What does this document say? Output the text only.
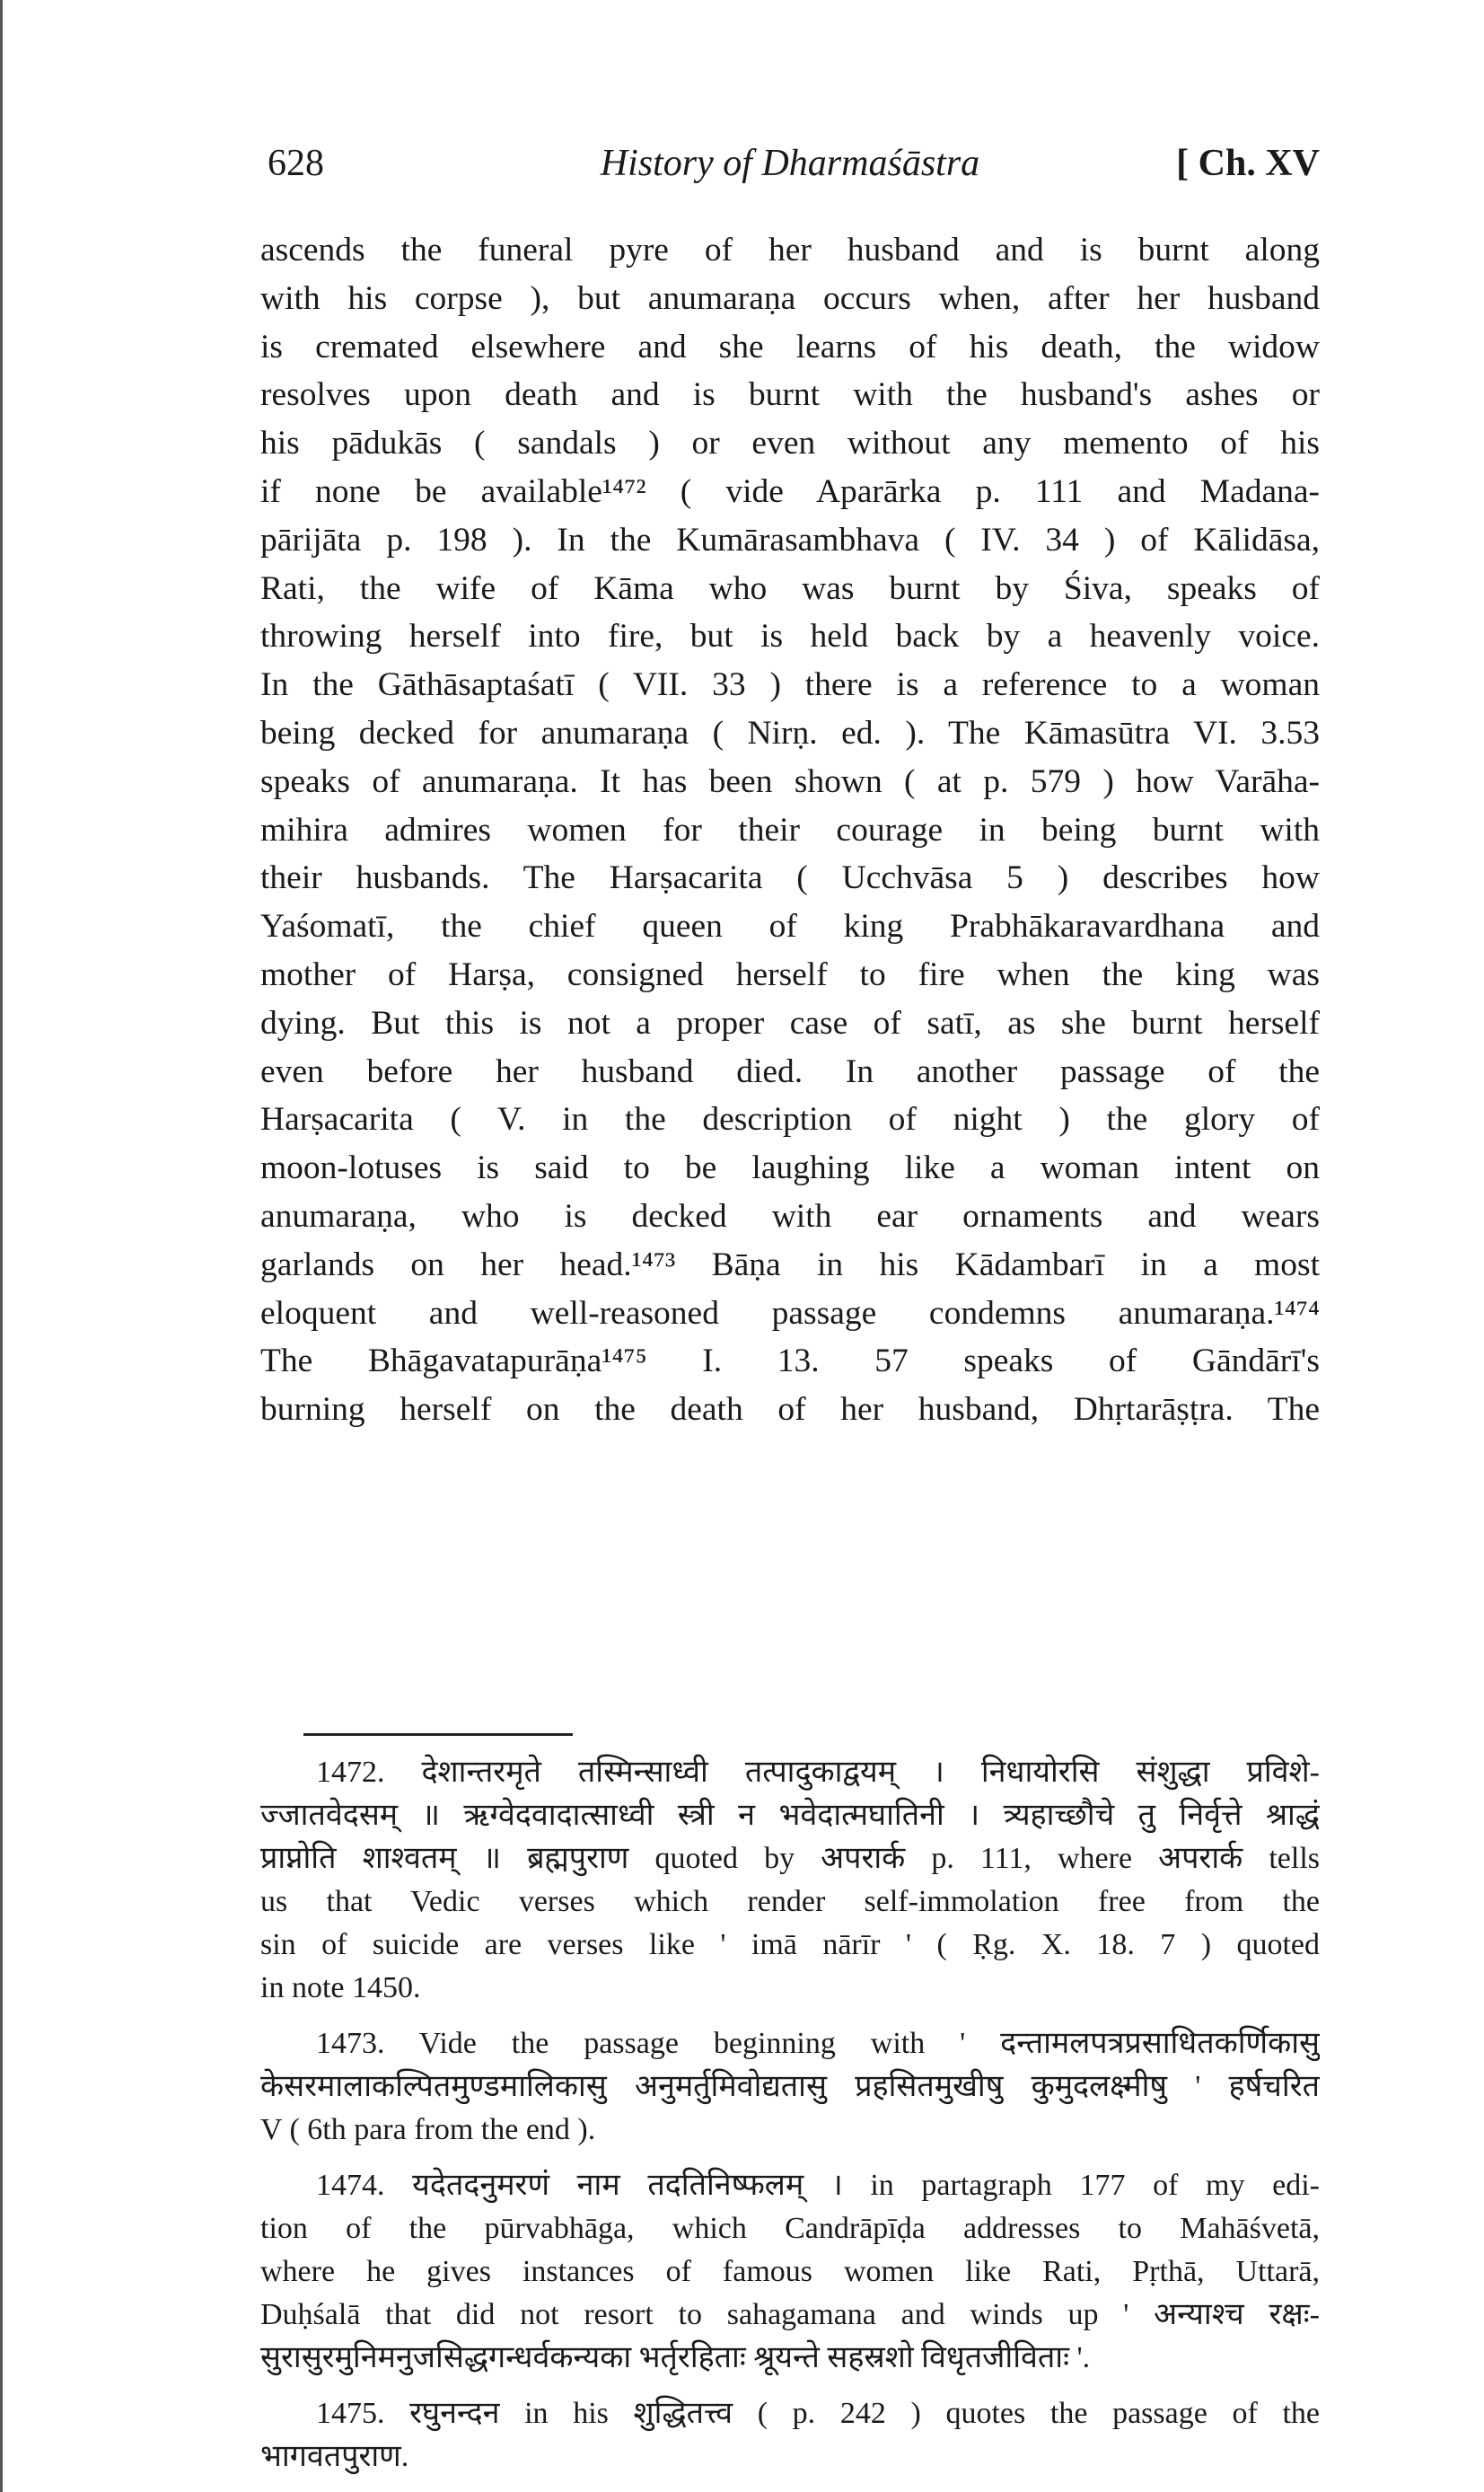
628	History of Dharmaśāstra	[ Ch. XV
ascends the funeral pyre of her husband and is burnt along
with his corpse ), but anumaraṇa occurs when, after her husband
is cremated elsewhere and she learns of his death, the widow
resolves upon death and is burnt with the husband's ashes or
his pādukās ( sandals ) or even without any memento of his
if none be available¹⁴⁷² ( vide Aparārka p. 111 and Madana-
pārijāta p. 198 ). In the Kumārasambhava ( IV. 34 ) of Kālidāsa,
Rati, the wife of Kāma who was burnt by Śiva, speaks of
throwing herself into fire, but is held back by a heavenly voice.
In the Gāthāsaptaśatī ( VII. 33 ) there is a reference to a woman
being decked for anumaraṇa ( Nirṇ. ed. ). The Kāmasūtra VI. 3.53
speaks of anumaraṇa. It has been shown ( at p. 579 ) how Varāha-
mihira admires women for their courage in being burnt with
their husbands. The Harṣacarita ( Ucchvāsa 5 ) describes how
Yaśomatī, the chief queen of king Prabhākaravardhana and
mother of Harṣa, consigned herself to fire when the king was
dying. But this is not a proper case of satī, as she burnt herself
even before her husband died. In another passage of the
Harṣacarita ( V. in the description of night ) the glory of
moon-lotuses is said to be laughing like a woman intent on
anumaraṇa, who is decked with ear ornaments and wears
garlands on her head.¹⁴⁷³ Bāṇa in his Kādambarī in a most
eloquent and well-reasoned passage condemns anumaraṇa.¹⁴⁷⁴
The Bhāgavatapurāṇa¹⁴⁷⁵ I. 13. 57 speaks of Gāndārī's
burning herself on the death of her husband, Dhṛtarāṣṭra. The
1472. देशान्तरमृते तस्मिन्साध्वी तत्पादुकाद्वयम् । निधायोरसि संशुद्धा प्रविशे-
ज्जातवेदसम् ॥ ऋग्वेदवादात्साध्वी स्त्री न भवेदात्मघातिनी । त्र्यहाच्छौचे तु निर्वृत्ते श्राद्धं
प्राप्नोति शाश्वतम् ॥ ब्रह्मपुराण quoted by अपरार्क p. 111, where अपरार्क tells
us that Vedic verses which render self-immolation free from the
sin of suicide are verses like ' imā nārīr ' ( Ṛg. X. 18. 7 ) quoted
in note 1450.
1473. Vide the passage beginning with ' दन्तामलपत्रप्रसाधितकर्णिकासु
केसरमालाकल्पितमुण्डमालिकासु अनुमर्तुमिवोद्यतासु प्रहसितमुखीषु कुमुदलक्ष्मीषु ' हर्षचरित
V ( 6th para from the end ).
1474. यदेतदनुमरणं नाम तदतिनिष्फलम् । in partagraph 177 of my edi-
tion of the pūrvabhāga, which Candrāpīḍa addresses to Mahāśvetā,
where he gives instances of famous women like Rati, Pṛthā, Uttarā,
Duḥśalā that did not resort to sahagamana and winds up ' अन्याश्च रक्षः-
सुरासुरमुनिमनुजसिद्धगन्धर्वकन्यका भर्तृरहिताः श्रूयन्ते सहस्रशो विधृतजीविताः '.
1475. रघुनन्दन in his शुद्धितत्त्व ( p. 242 ) quotes the passage of the
भागवतपुराण.
